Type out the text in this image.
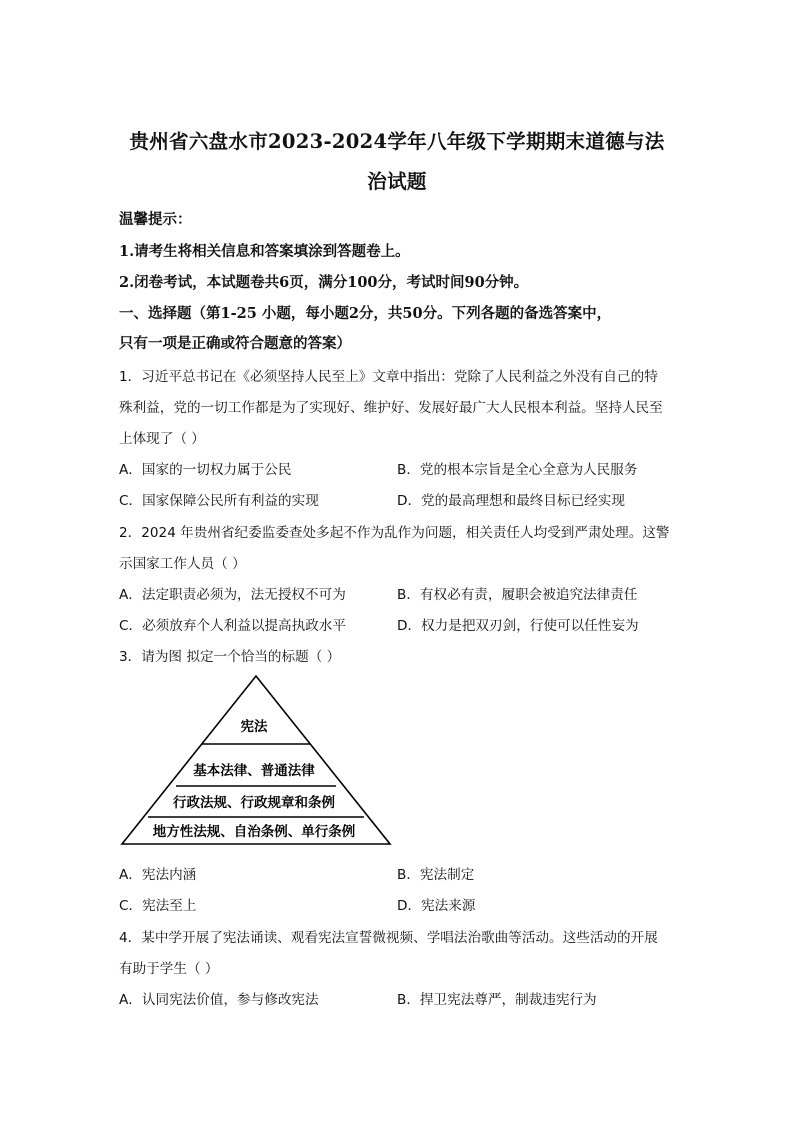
贵州省六盘水市2023-2024学年八年级下学期期末道德与法
治试题
温馨提示：
1.请考生将相关信息和答案填涂到答题卷上。
2.闭卷考试，本试题卷共6页，满分100分，考试时间90分钟。
一、选择题（第1-25 小题，每小题2分，共50分。下列各题的备选答案中，
只有一项是正确或符合题意的答案）
1．习近平总书记在《必须坚持人民至上》文章中指出：党除了人民利益之外没有自己的特
殊利益，党的一切工作都是为了实现好、维护好、发展好最广大人民根本利益。坚持人民至
上体现了（ ）
A．国家的一切权力属于公民	B．党的根本宗旨是全心全意为人民服务
C．国家保障公民所有利益的实现	D．党的最高理想和最终目标已经实现
2．2024 年贵州省纪委监委查处多起不作为乱作为问题，相关责任人均受到严肃处理。这警
示国家工作人员（ ）
A．法定职责必须为，法无授权不可为	B．有权必有责，履职会被追究法律责任
C．必须放弃个人利益以提高执政水平	D．权力是把双刃剑，行使可以任性妄为
3．请为图 拟定一个恰当的标题（ ）
宪法
基本法律、普通法律
行政法规、行政规章和条例
地方性法规、自治条例、单行条例
A．宪法内涵	B．宪法制定
C．宪法至上	D．宪法来源
4．某中学开展了宪法诵读、观看宪法宣誓微视频、学唱法治歌曲等活动。这些活动的开展
有助于学生（ ）
A．认同宪法价值，参与修改宪法	B．捍卫宪法尊严，制裁违宪行为
